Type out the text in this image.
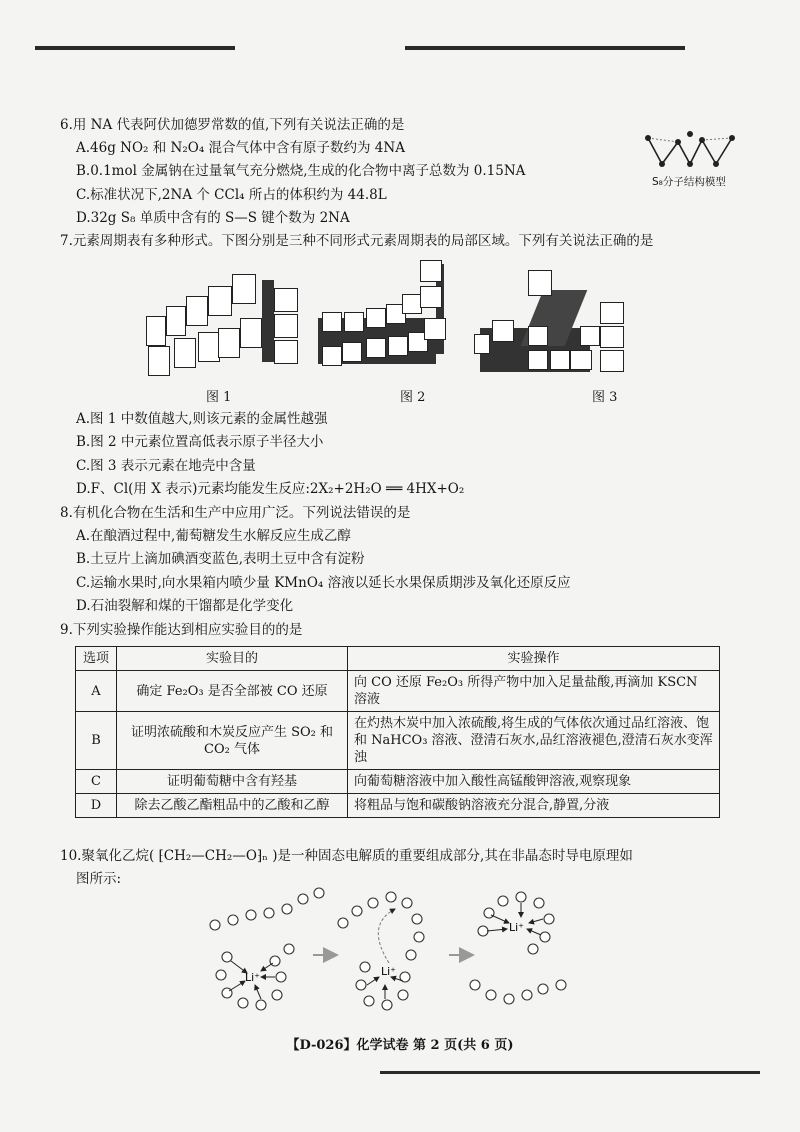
6.用 NA 代表阿伏加德罗常数的值,下列有关说法正确的是
A.46g NO₂ 和 N₂O₄ 混合气体中含有原子数约为 4NA
B.0.1mol 金属钠在过量氧气充分燃烧,生成的化合物中离子总数为 0.15NA
C.标准状况下,2NA 个 CCl₄ 所占的体积约为 44.8L
D.32g S₈ 单质中含有的 S—S 键个数为 2NA
S₈分子结构模型
7.元素周期表有多种形式。下图分别是三种不同形式元素周期表的局部区域。下列有关说法正确的是

图 1	图 2	图 3
A.图 1 中数值越大,则该元素的金属性越强
B.图 2 中元素位置高低表示原子半径大小
C.图 3 表示元素在地壳中含量
D.F、Cl(用 X 表示)元素均能发生反应:2X₂+2H₂O ══ 4HX+O₂
8.有机化合物在生活和生产中应用广泛。下列说法错误的是
A.在酿酒过程中,葡萄糖发生水解反应生成乙醇
B.土豆片上滴加碘酒变蓝色,表明土豆中含有淀粉
C.运输水果时,向水果箱内喷少量 KMnO₄ 溶液以延长水果保质期涉及氧化还原反应
D.石油裂解和煤的干馏都是化学变化
9.下列实验操作能达到相应实验目的的是
选项	实验目的	实验操作
A	确定 Fe₂O₃ 是否全部被 CO 还原	向 CO 还原 Fe₂O₃ 所得产物中加入足量盐酸,再滴加 KSCN 溶液
B	证明浓硫酸和木炭反应产生 SO₂ 和 CO₂ 气体	在灼热木炭中加入浓硫酸,将生成的气体依次通过品红溶液、饱和 NaHCO₃ 溶液、澄清石灰水,品红溶液褪色,澄清石灰水变浑浊
C	证明葡萄糖中含有羟基	向葡萄糖溶液中加入酸性高锰酸钾溶液,观察现象
D	除去乙酸乙酯粗品中的乙酸和乙醇	将粗品与饱和碳酸钠溶液充分混合,静置,分液
10.聚氧化乙烷( ⁅CH₂—CH₂—O⁆ₙ )是一种固态电解质的重要组成部分,其在非晶态时导电原理如
图所示:
Li⁺	Li⁺
Li⁺
【D-026】化学试卷 第 2 页(共 6 页)
